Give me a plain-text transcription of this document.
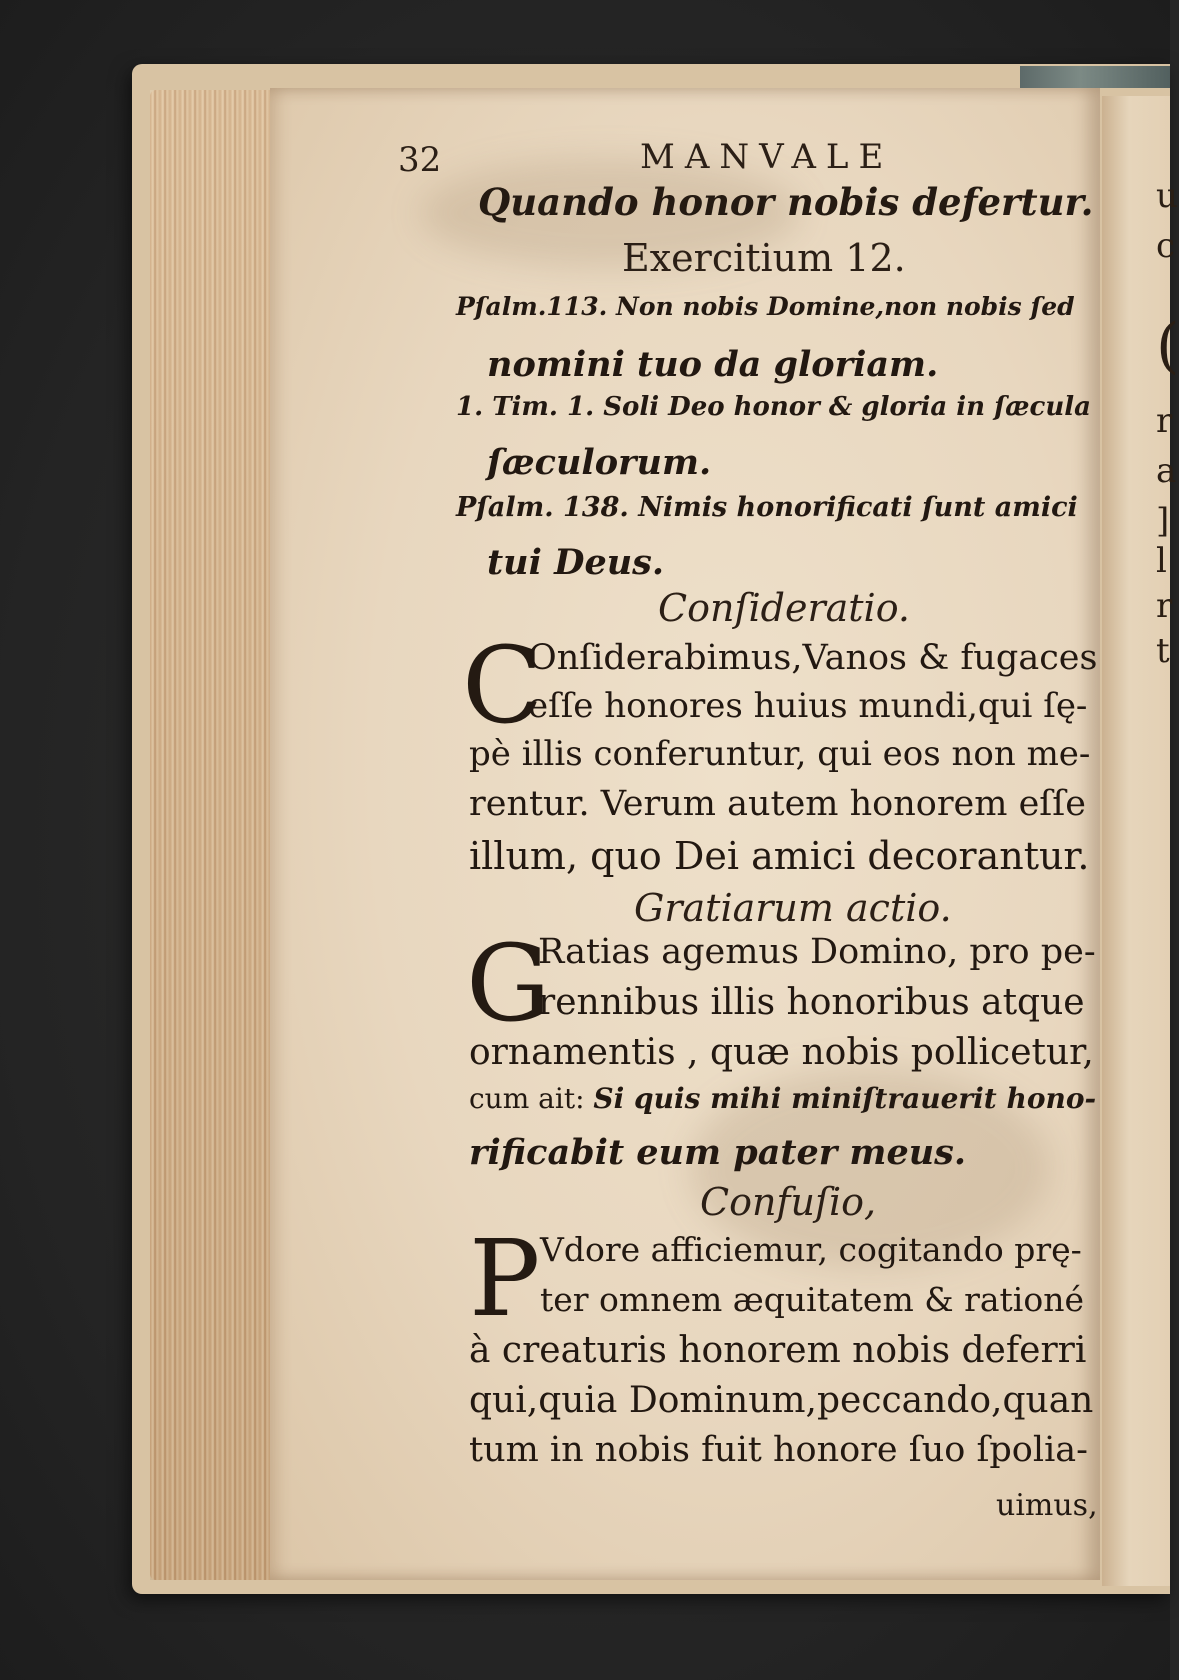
u
c
(
r
a
]
l
r
t
32	MANVALE
Quando honor nobis defertur.
Exercitium 12.
Pſalm.113. Non nobis Domine,non nobis ſed
nomini tuo da gloriam.
1. Tim. 1. Soli Deo honor & gloria in ſæcula
ſæculorum.
Pſalm. 138. Nimis honorificati ſunt amici
tui Deus.
Conſideratio.
C
Onſiderabimus,Vanos & fugaces
eſſe honores huius mundi,qui ſę-
pè illis conferuntur, qui eos non me-
rentur. Verum autem honorem eſſe
illum, quo Dei amici decorantur.
Gratiarum actio.
G
Ratias agemus Domino, pro pe-
rennibus illis honoribus atque
ornamentis , quæ nobis pollicetur,
cum ait: Si quis mihi miniſtrauerit hono-
rificabit eum pater meus.
Confuſio,
P Vdore afficiemur, cogitando prę-
ter omnem æquitatem & rationé
à creaturis honorem nobis deferri
qui,quia Dominum,peccando,quan
tum in nobis fuit honore ſuo ſpolia-
uimus,
